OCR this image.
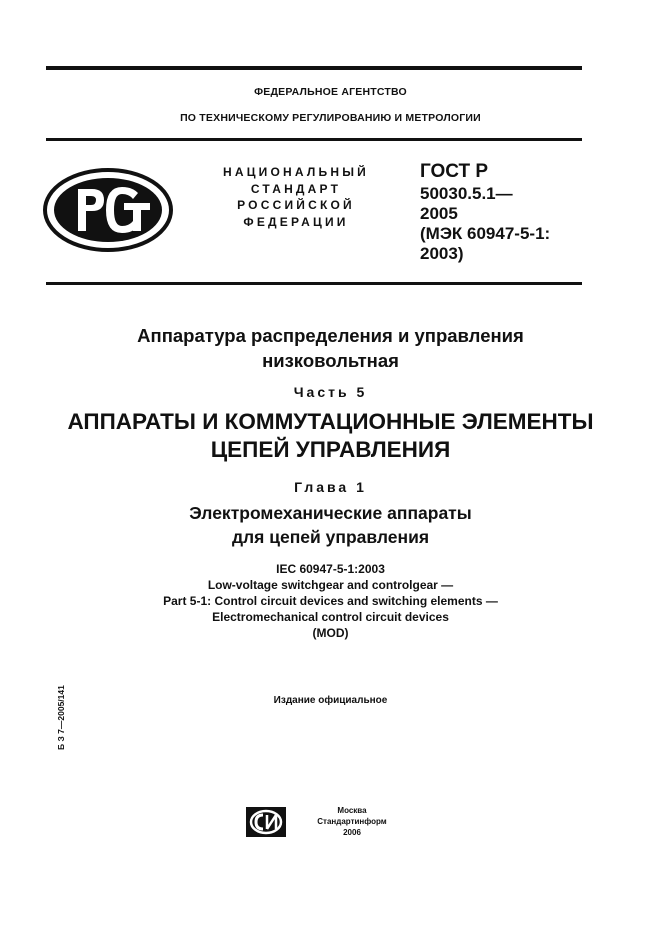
ФЕДЕРАЛЬНОЕ АГЕНТСТВО
ПО ТЕХНИЧЕСКОМУ РЕГУЛИРОВАНИЮ И МЕТРОЛОГИИ
НАЦИОНАЛЬНЫЙ
СТАНДАРТ
РОССИЙСКОЙ
ФЕДЕРАЦИИ
ГОСТ Р
50030.5.1—
2005
(МЭК 60947-5-1:
2003)
Аппаратура распределения и управления
низковольтная
Часть 5
АППАРАТЫ И КОММУТАЦИОННЫЕ ЭЛЕМЕНТЫ
ЦЕПЕЙ УПРАВЛЕНИЯ
Глава 1
Электромеханические аппараты
для цепей управления
IEC 60947-5-1:2003
Low-voltage switchgear and controlgear —
Part 5-1: Control circuit devices and switching elements —
Electromechanical control circuit devices
(MOD)
Издание официальное
Б З 7—2005/141
Москва
Стандартинформ
2006
